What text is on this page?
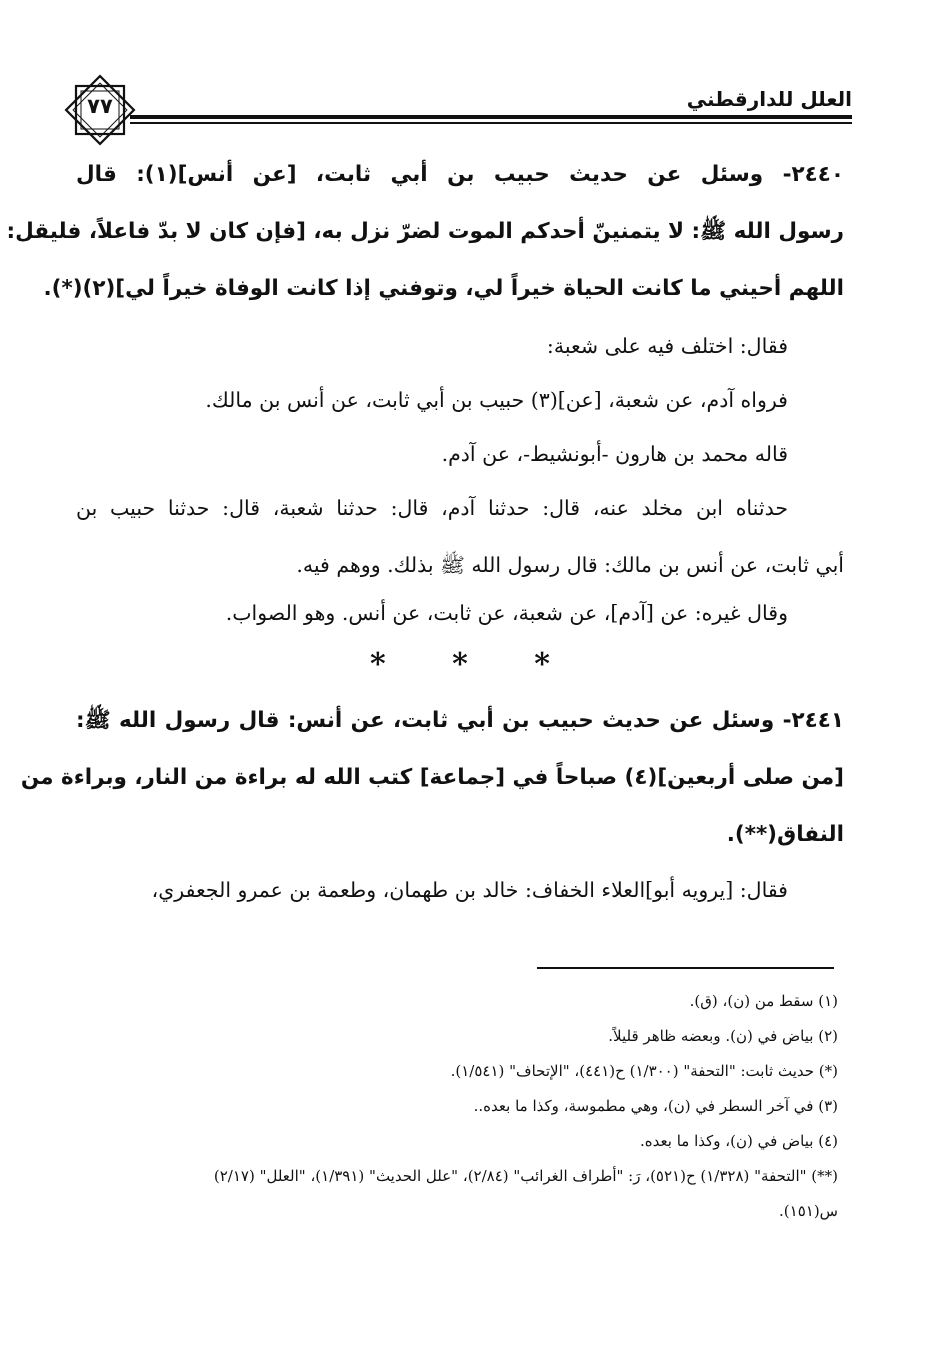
العلل للدارقطني
٧٧
٢٤٤٠- وسئل عن حديث حبيب بن أبي ثابت، [عن أنس](١): قال
رسول الله ﷺ: لا يتمنينّ أحدكم الموت لضرّ نزل به، [فإن كان لا بدّ فاعلاً، فليقل:
اللهم أحيني ما كانت الحياة خيراً لي، وتوفني إذا كانت الوفاة خيراً لي](٢)(*).
فقال: اختلف فيه على شعبة:
فرواه آدم، عن شعبة، [عن](٣) حبيب بن أبي ثابت، عن أنس بن مالك.
قاله محمد بن هارون -أبونشيط-، عن آدم.
حدثناه ابن مخلد عنه، قال: حدثنا آدم، قال: حدثنا شعبة، قال: حدثنا حبيب بن
أبي ثابت، عن أنس بن مالك: قال رسول الله ﷺ بذلك. ووهم فيه.
وقال غيره: عن [آدم]، عن شعبة، عن ثابت، عن أنس. وهو الصواب.
* * *
٢٤٤١- وسئل عن حديث حبيب بن أبي ثابت، عن أنس: قال رسول الله ﷺ:
[من صلى أربعين](٤) صباحاً في [جماعة] كتب الله له براءة من النار، وبراءة من
النفاق(**).
فقال: [يرويه أبو]العلاء الخفاف: خالد بن طهمان، وطعمة بن عمرو الجعفري،
(١) سقط من (ن)، (ق).
(٢) بياض في (ن). وبعضه ظاهر قليلاً.
(*) حديث ثابت: "التحفة" (١/٣٠٠) ح(٤٤١)، "الإتحاف" (١/٥٤١).
(٣) في آخر السطر في (ن)، وهي مطموسة، وكذا ما بعده..
(٤) بياض في (ن)، وكذا ما بعده.
(**) "التحفة" (١/٣٢٨) ح(٥٢١)، رَ: "أطراف الغرائب" (٢/٨٤)، "علل الحديث" (١/٣٩١)، "العلل" (٢/١٧)
س(١٥١).
